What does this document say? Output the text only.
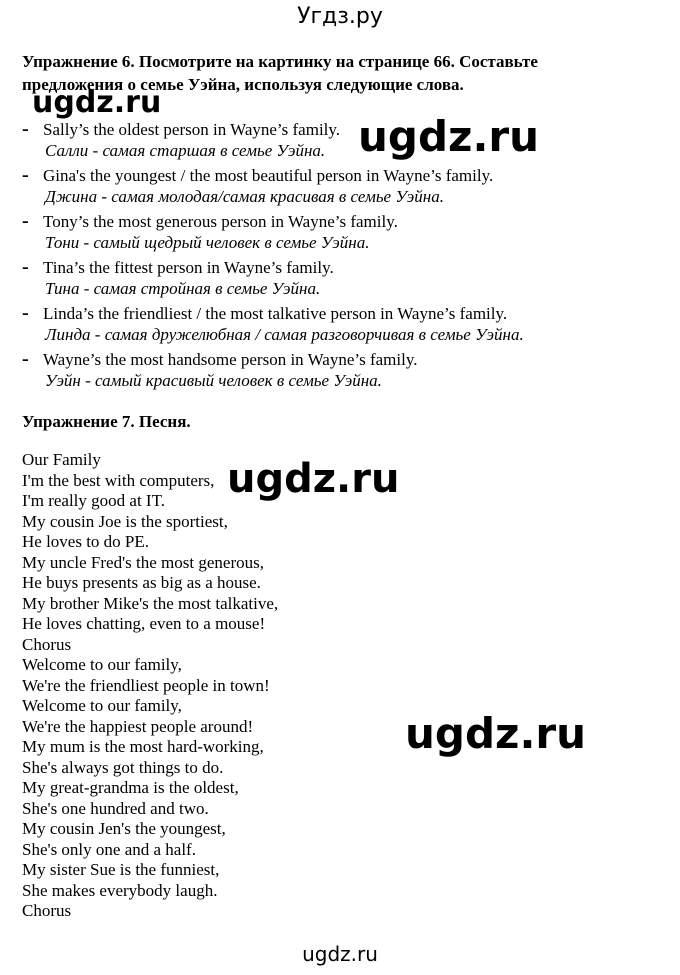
Угдз.ру
Упражнение 6. Посмотрите на картинку на странице 66. Составьте
предложения о семье Уэйна, используя следующие слова.
- Sally’s the oldest person in Wayne’s family.
Салли - самая старшая в семье Уэйна.
- Gina's the youngest / the most beautiful person in Wayne’s family.
Джина - самая молодая/самая красивая в семье Уэйна.
- Tony’s the most generous person in Wayne’s family.
Тони - самый щедрый человек в семье Уэйна.
- Tina’s the fittest person in Wayne’s family.
Тина - самая стройная в семье Уэйна.
- Linda’s the friendliest / the most talkative person in Wayne’s family.
Линда - самая дружелюбная / самая разговорчивая в семье Уэйна.
- Wayne’s the most handsome person in Wayne’s family.
Уэйн - самый красивый человек в семье Уэйна.
Упражнение 7. Песня.
Our Family
I'm the best with computers,
I'm really good at IT.
My cousin Joe is the sportiest,
He loves to do PE.
My uncle Fred's the most generous,
He buys presents as big as a house.
My brother Mike's the most talkative,
He loves chatting, even to a mouse!
Chorus
Welcome to our family,
We're the friendliest people in town!
Welcome to our family,
We're the happiest people around!
My mum is the most hard-working,
She's always got things to do.
My great-grandma is the oldest,
She's one hundred and two.
My cousin Jen's the youngest,
She's only one and a half.
My sister Sue is the funniest,
She makes everybody laugh.
Chorus
ugdz.ru
ugdz.ru
ugdz.ru
ugdz.ru
ugdz.ru
